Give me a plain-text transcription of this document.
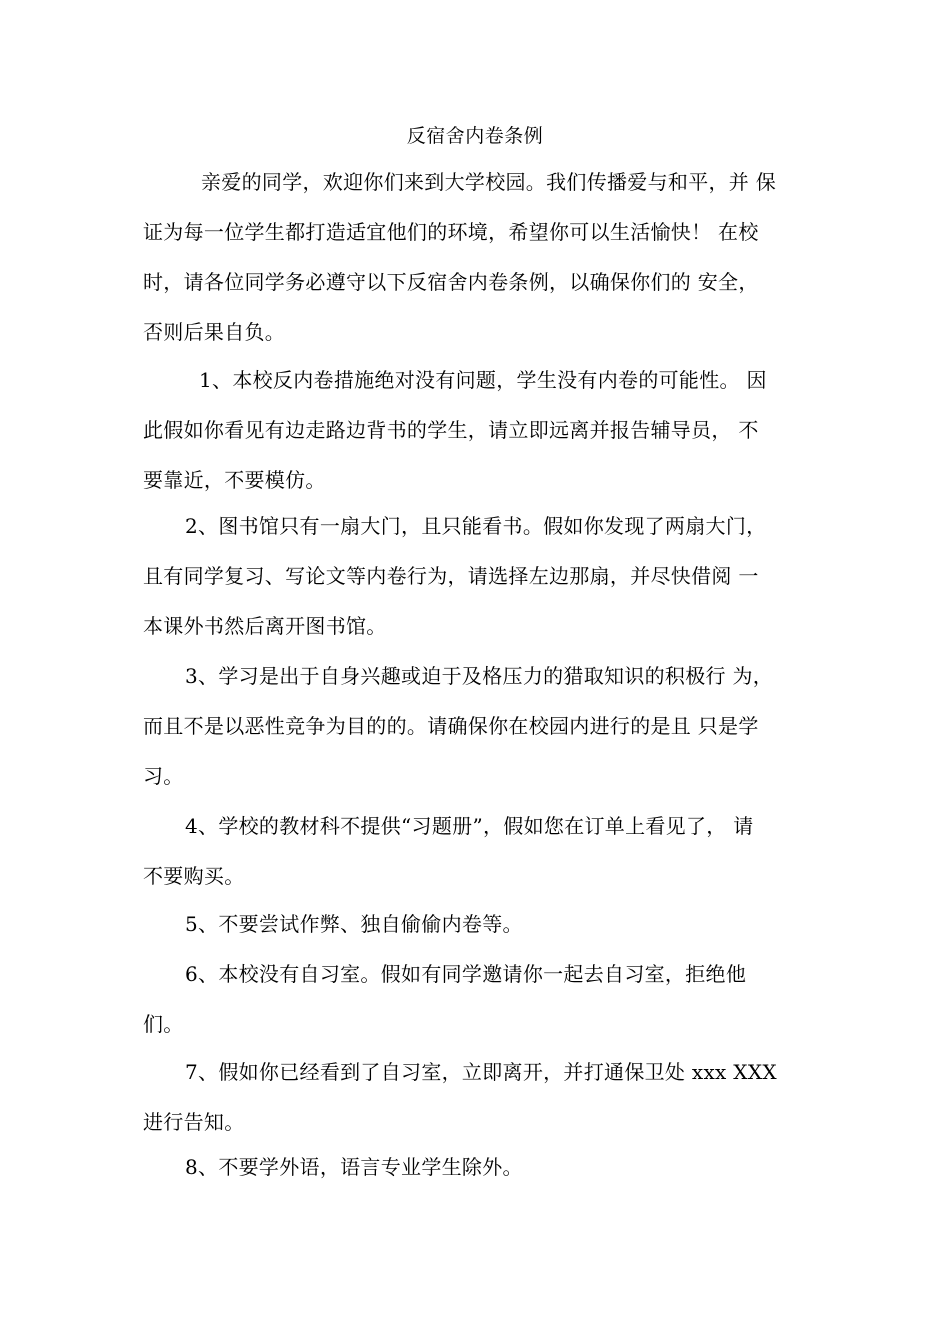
反宿舍内卷条例
亲爱的同学，欢迎你们来到大学校园。我们传播爱与和平，并 保
证为每一位学生都打造适宜他们的环境，希望你可以生活愉快！ 在校
时，请各位同学务必遵守以下反宿舍内卷条例，以确保你们的 安全，
否则后果自负。
1、本校反内卷措施绝对没有问题，学生没有内卷的可能性。 因
此假如你看见有边走路边背书的学生，请立即远离并报告辅导员， 不
要靠近，不要模仿。
2、图书馆只有一扇大门，且只能看书。假如你发现了两扇大门，
且有同学复习、写论文等内卷行为，请选择左边那扇，并尽快借阅 一
本课外书然后离开图书馆。
3、学习是出于自身兴趣或迫于及格压力的猎取知识的积极行 为，
而且不是以恶性竞争为目的的。请确保你在校园内进行的是且 只是学
习。
4、学校的教材科不提供“习题册”，假如您在订单上看见了， 请
不要购买。
5、不要尝试作弊、独自偷偷内卷等。
6、本校没有自习室。假如有同学邀请你一起去自习室，拒绝他
们。
7、假如你已经看到了自习室，立即离开，并打通保卫处 xxx XXX
进行告知。
8、不要学外语，语言专业学生除外。
